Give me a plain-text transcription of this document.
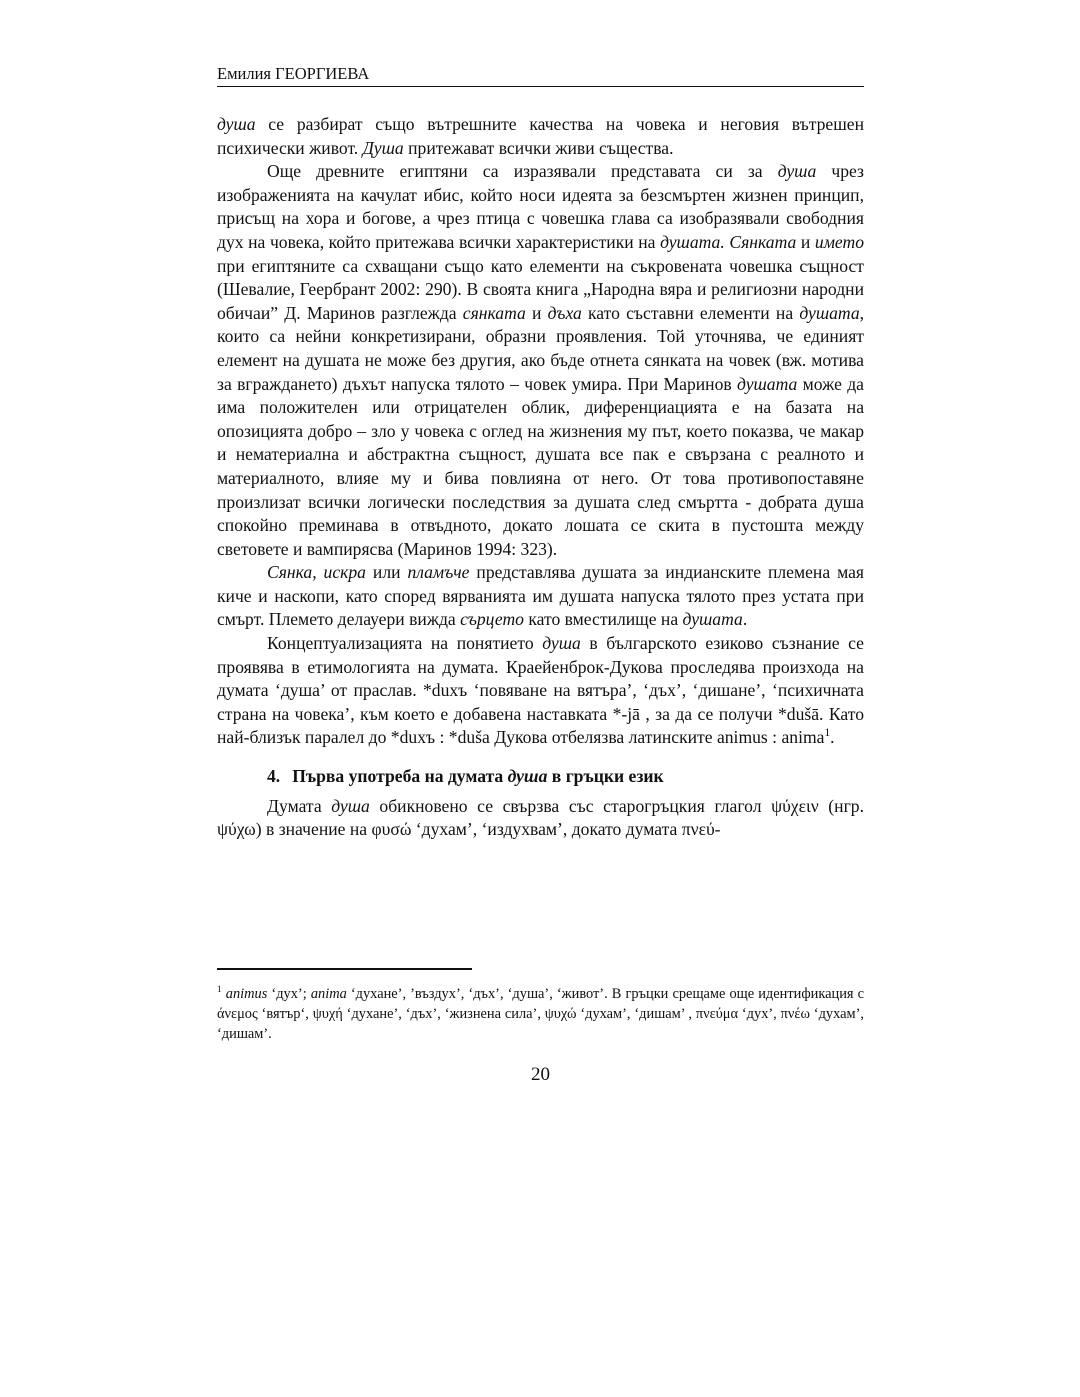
Емилия ГЕОРГИЕВА

душа се разбират също вътрешните качества на човека и неговия вътрешен психически живот. Душа притежават всички живи същества.

Още древните египтяни са изразявали представата си за душа чрез изображенията на качулат ибис, който носи идеята за безсмъртен жизнен принцип, присъщ на хора и богове, а чрез птица с човешка глава са изобразявали свободния дух на човека, който притежава всички характеристики на душата. Сянката и името при египтяните са схващани също като елементи на съкровената човешка същност (Шевалие, Геербрант 2002: 290). В своята книга „Народна вяра и религиозни народни обичаи” Д. Маринов разглежда сянката и дъха като съставни елементи на душата, които са нейни конкретизирани, образни проявления. Той уточнява, че единият елемент на душата не може без другия, ако бъде отнета сянката на човек (вж. мотива за вграждането) дъхът напуска тялото – човек умира. При Маринов душата може да има положителен или отрицателен облик, диференциацията е на базата на опозицията добро – зло у човека с оглед на жизнения му път, което показва, че макар и нематериална и абстрактна същност, душата все пак е свързана с реалното и материалното, влияе му и бива повлияна от него. От това противопоставяне произлизат всички логически последствия за душата след смъртта - добрата душа спокойно преминава в отвъдното, докато лошата се скита в пустошта между световете и вампирясва (Маринов 1994: 323).

Сянка, искра или пламъче представлява душата за индианските племена мая киче и наскопи, като според вярванията им душата напуска тялото през устата при смърт. Племето делауери вижда сърцето като вместилище на душата.

Концептуализацията на понятието душа в българското езиково съзнание се проявява в етимологията на думата. Краейенброк-Дукова проследява произхода на думата ‘душа’ от праслав. *duxъ ‘повяване на вятъра’, ‘дъх’, ‘дишане’, ‘психичната страна на човека’, към което е добавена наставката *-jā , за да се получи *dušā. Като най-близък паралел до *duxъ : *duša Дукова отбелязва латинските animus : anima$^1$.

4. Първа употреба на думата душа в гръцки език

Думата душа обикновено се свързва със старогръцкия глагол ψύχειν (нгр. ψύχω) в значение на φυσώ ‘духам’, ‘издухвам’, докато думата πνεύ-

$^1$ animus ‘дух’; anima ‘духане’, ’въздух’, ‘дъх’, ‘душа’, ‘живот’. В гръцки срещаме още идентификация с άνεμος ‘вятър‘, ψυχή ‘духане’, ‘дъх’, ‘жизнена сила’, ψυχώ ‘духам’, ‘дишам’ , πνεύμα ‘дух’, πνέω ‘духам’, ‘дишам’.

20
